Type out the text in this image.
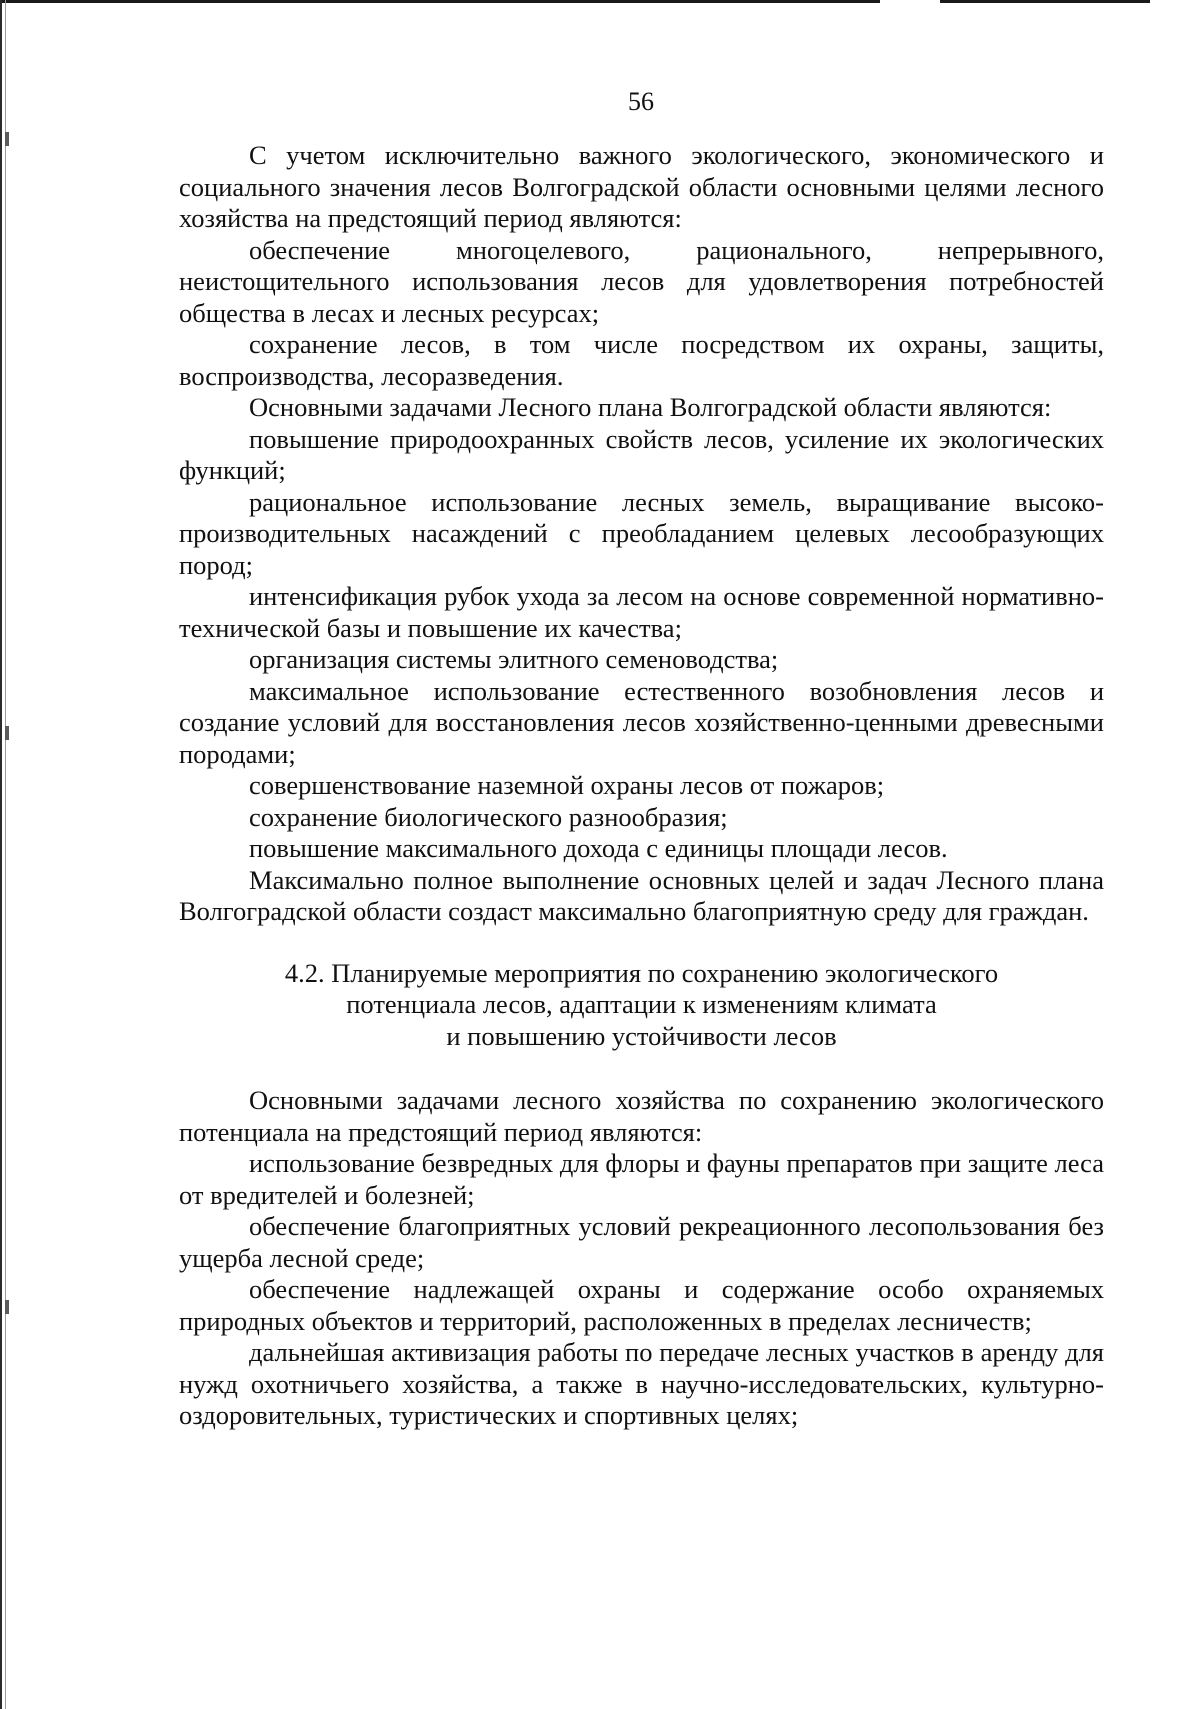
56

С учетом исключительно важного экологического, экономического и социального значения лесов Волгоградской области основными целями лесного хозяйства на предстоящий период являются:

обеспечение многоцелевого, рационального, непрерывного, неистощительного использования лесов для удовлетворения потребностей общества в лесах и лесных ресурсах;

сохранение лесов, в том числе посредством их охраны, защиты, воспроизводства, лесоразведения.

Основными задачами Лесного плана Волгоградской области являются:

повышение природоохранных свойств лесов, усиление их экологических функций;

рациональное использование лесных земель, выращивание высоко-производительных насаждений с преобладанием целевых лесообразующих пород;

интенсификация рубок ухода за лесом на основе современной нормативно-технической базы и повышение их качества;

организация системы элитного семеноводства;

максимальное использование естественного возобновления лесов и создание условий для восстановления лесов хозяйственно-ценными древесными породами;

совершенствование наземной охраны лесов от пожаров;

сохранение биологического разнообразия;

повышение максимального дохода с единицы площади лесов.

Максимально полное выполнение основных целей и задач Лесного плана Волгоградской области создаст максимально благоприятную среду для граждан.

4.2. Планируемые мероприятия по сохранению экологического
потенциала лесов, адаптации к изменениям климата
и повышению устойчивости лесов

Основными задачами лесного хозяйства по сохранению экологического потенциала на предстоящий период являются:

использование безвредных для флоры и фауны препаратов при защите леса от вредителей и болезней;

обеспечение благоприятных условий рекреационного лесопользования без ущерба лесной среде;

обеспечение надлежащей охраны и содержание особо охраняемых природных объектов и территорий, расположенных в пределах лесничеств;

дальнейшая активизация работы по передаче лесных участков в аренду для нужд охотничьего хозяйства, а также в научно-исследовательских, культурно-оздоровительных, туристических и спортивных целях;
